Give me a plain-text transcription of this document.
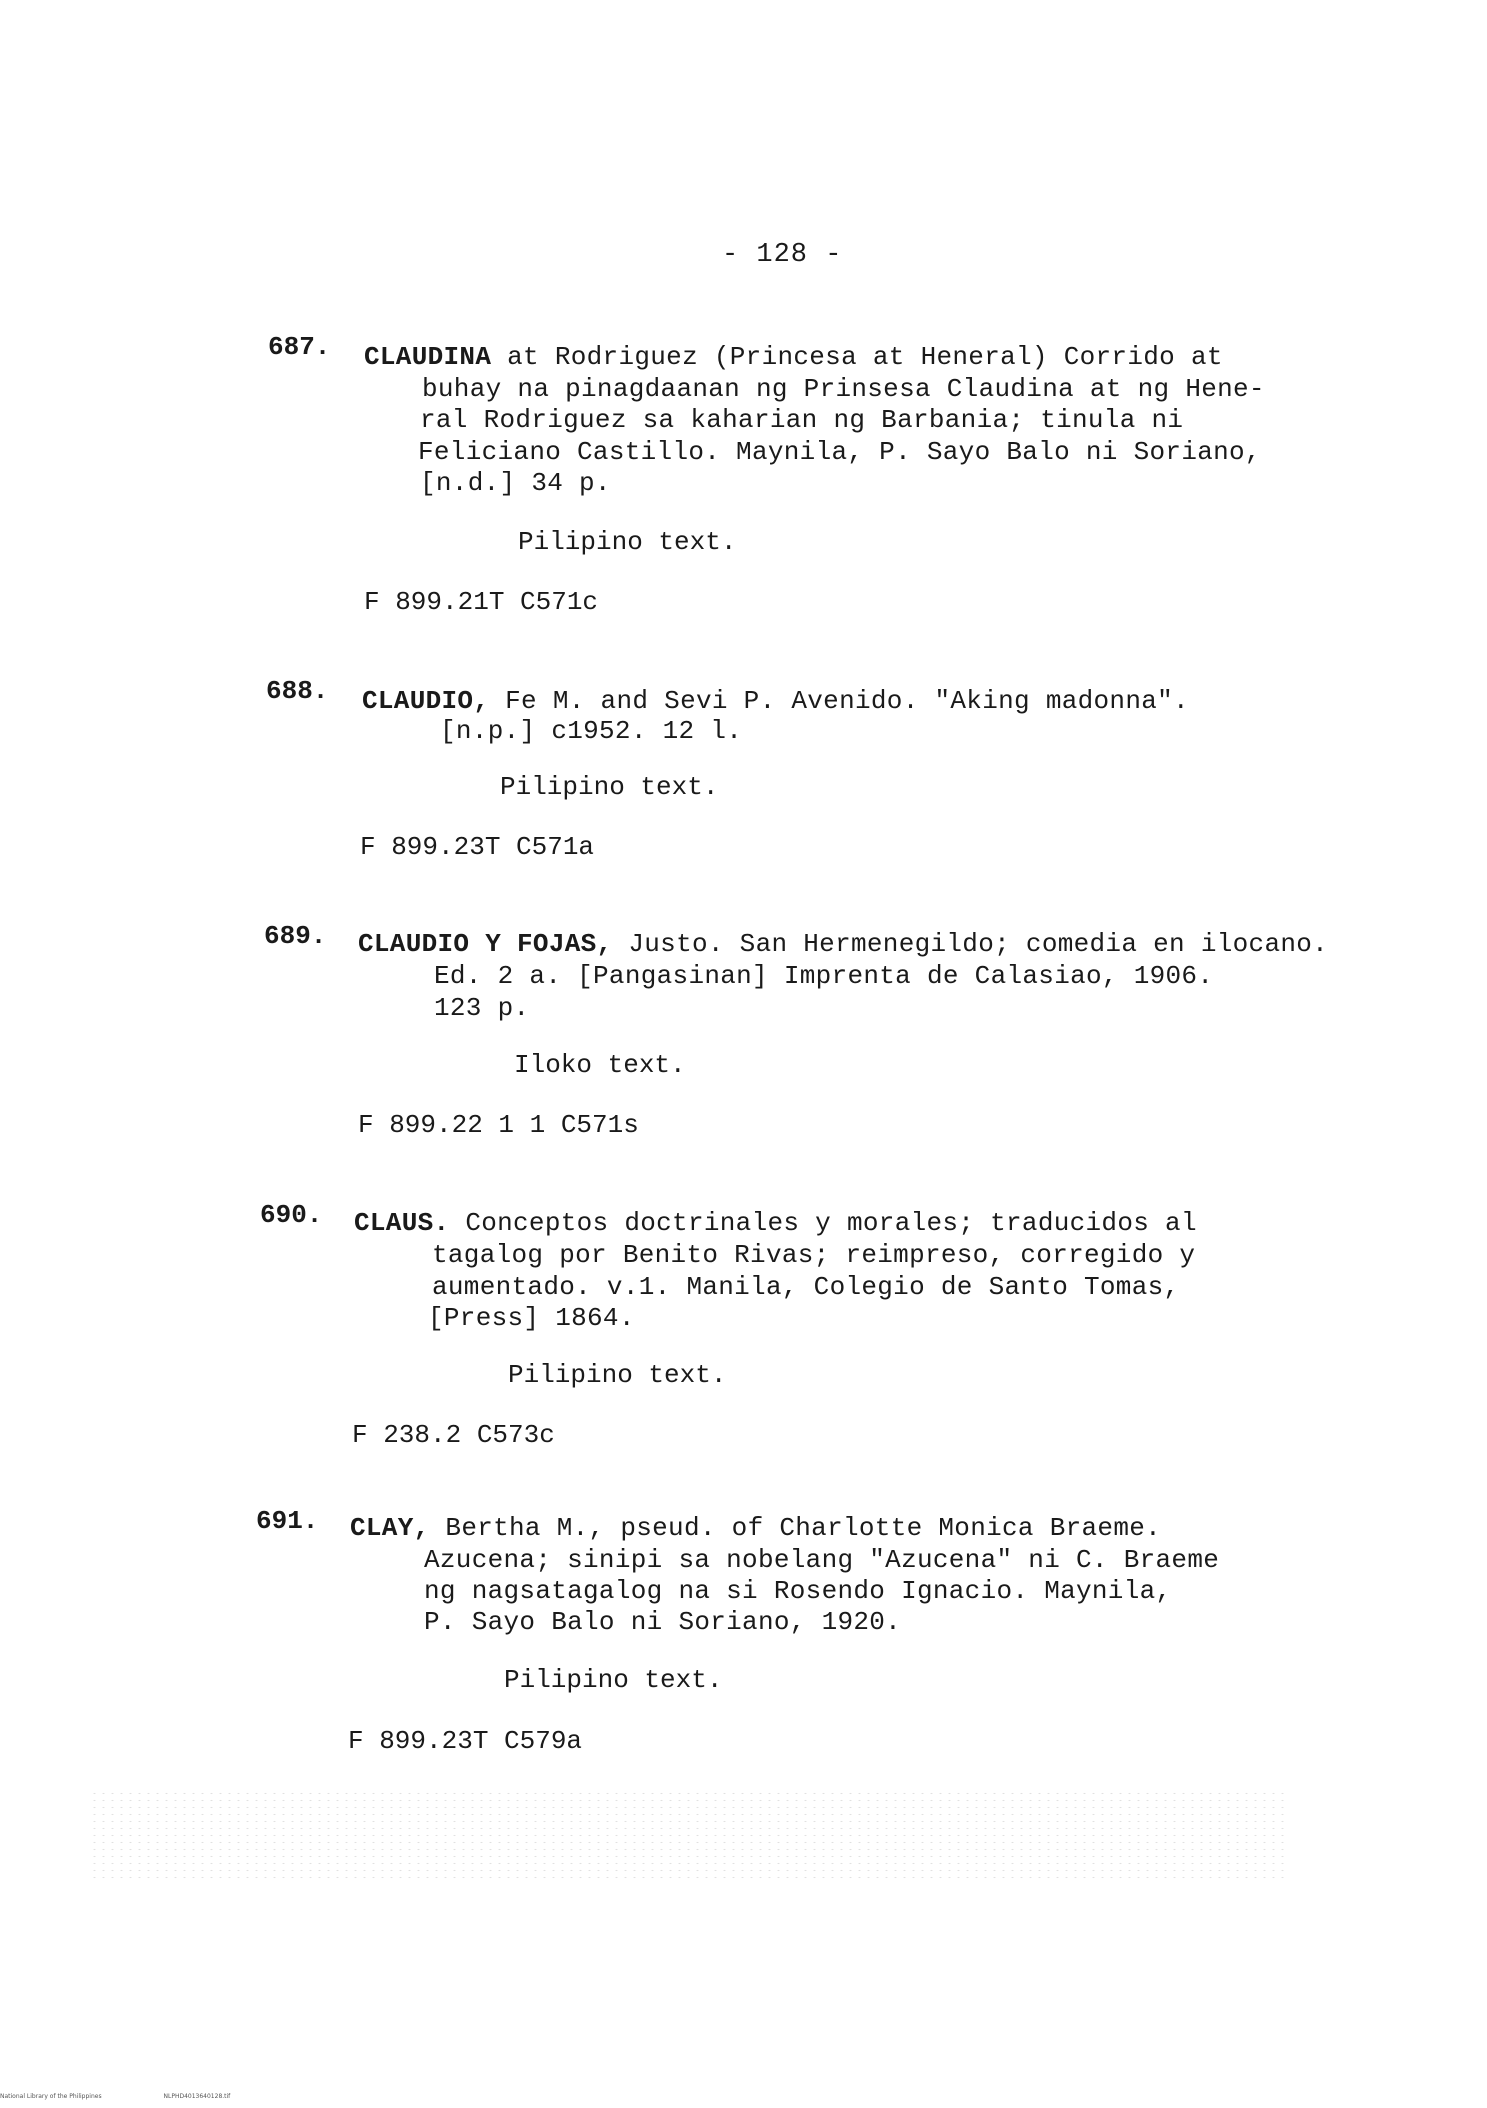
- 128 -
687. CLAUDINA at Rodriguez (Princesa at Heneral) Corrido at
buhay na pinagdaanan ng Prinsesa Claudina at ng Hene-
ral Rodriguez sa kaharian ng Barbania; tinula ni
Feliciano Castillo. Maynila, P. Sayo Balo ni Soriano,
[n.d.] 34 p.
Pilipino text.
F 899.21T C571c
688. CLAUDIO, Fe M. and Sevi P. Avenido. "Aking madonna".
[n.p.] c1952. 12 l.
Pilipino text.
F 899.23T C571a
689. CLAUDIO Y FOJAS, Justo. San Hermenegildo; comedia en ilocano.
Ed. 2 a. [Pangasinan] Imprenta de Calasiao, 1906.
123 p.
Iloko text.
F 899.22 1 1 C571s
690. CLAUS. Conceptos doctrinales y morales; traducidos al
tagalog por Benito Rivas; reimpreso, corregido y
aumentado. v.1. Manila, Colegio de Santo Tomas,
[Press] 1864.
Pilipino text.
F 238.2 C573c
691. CLAY, Bertha M., pseud. of Charlotte Monica Braeme.
Azucena; sinipi sa nobelang "Azucena" ni C. Braeme
ng nagsatagalog na si Rosendo Ignacio. Maynila,
P. Sayo Balo ni Soriano, 1920.
Pilipino text.
F 899.23T C579a
National Library of the Philippines	NLPHD4013640128.tif
